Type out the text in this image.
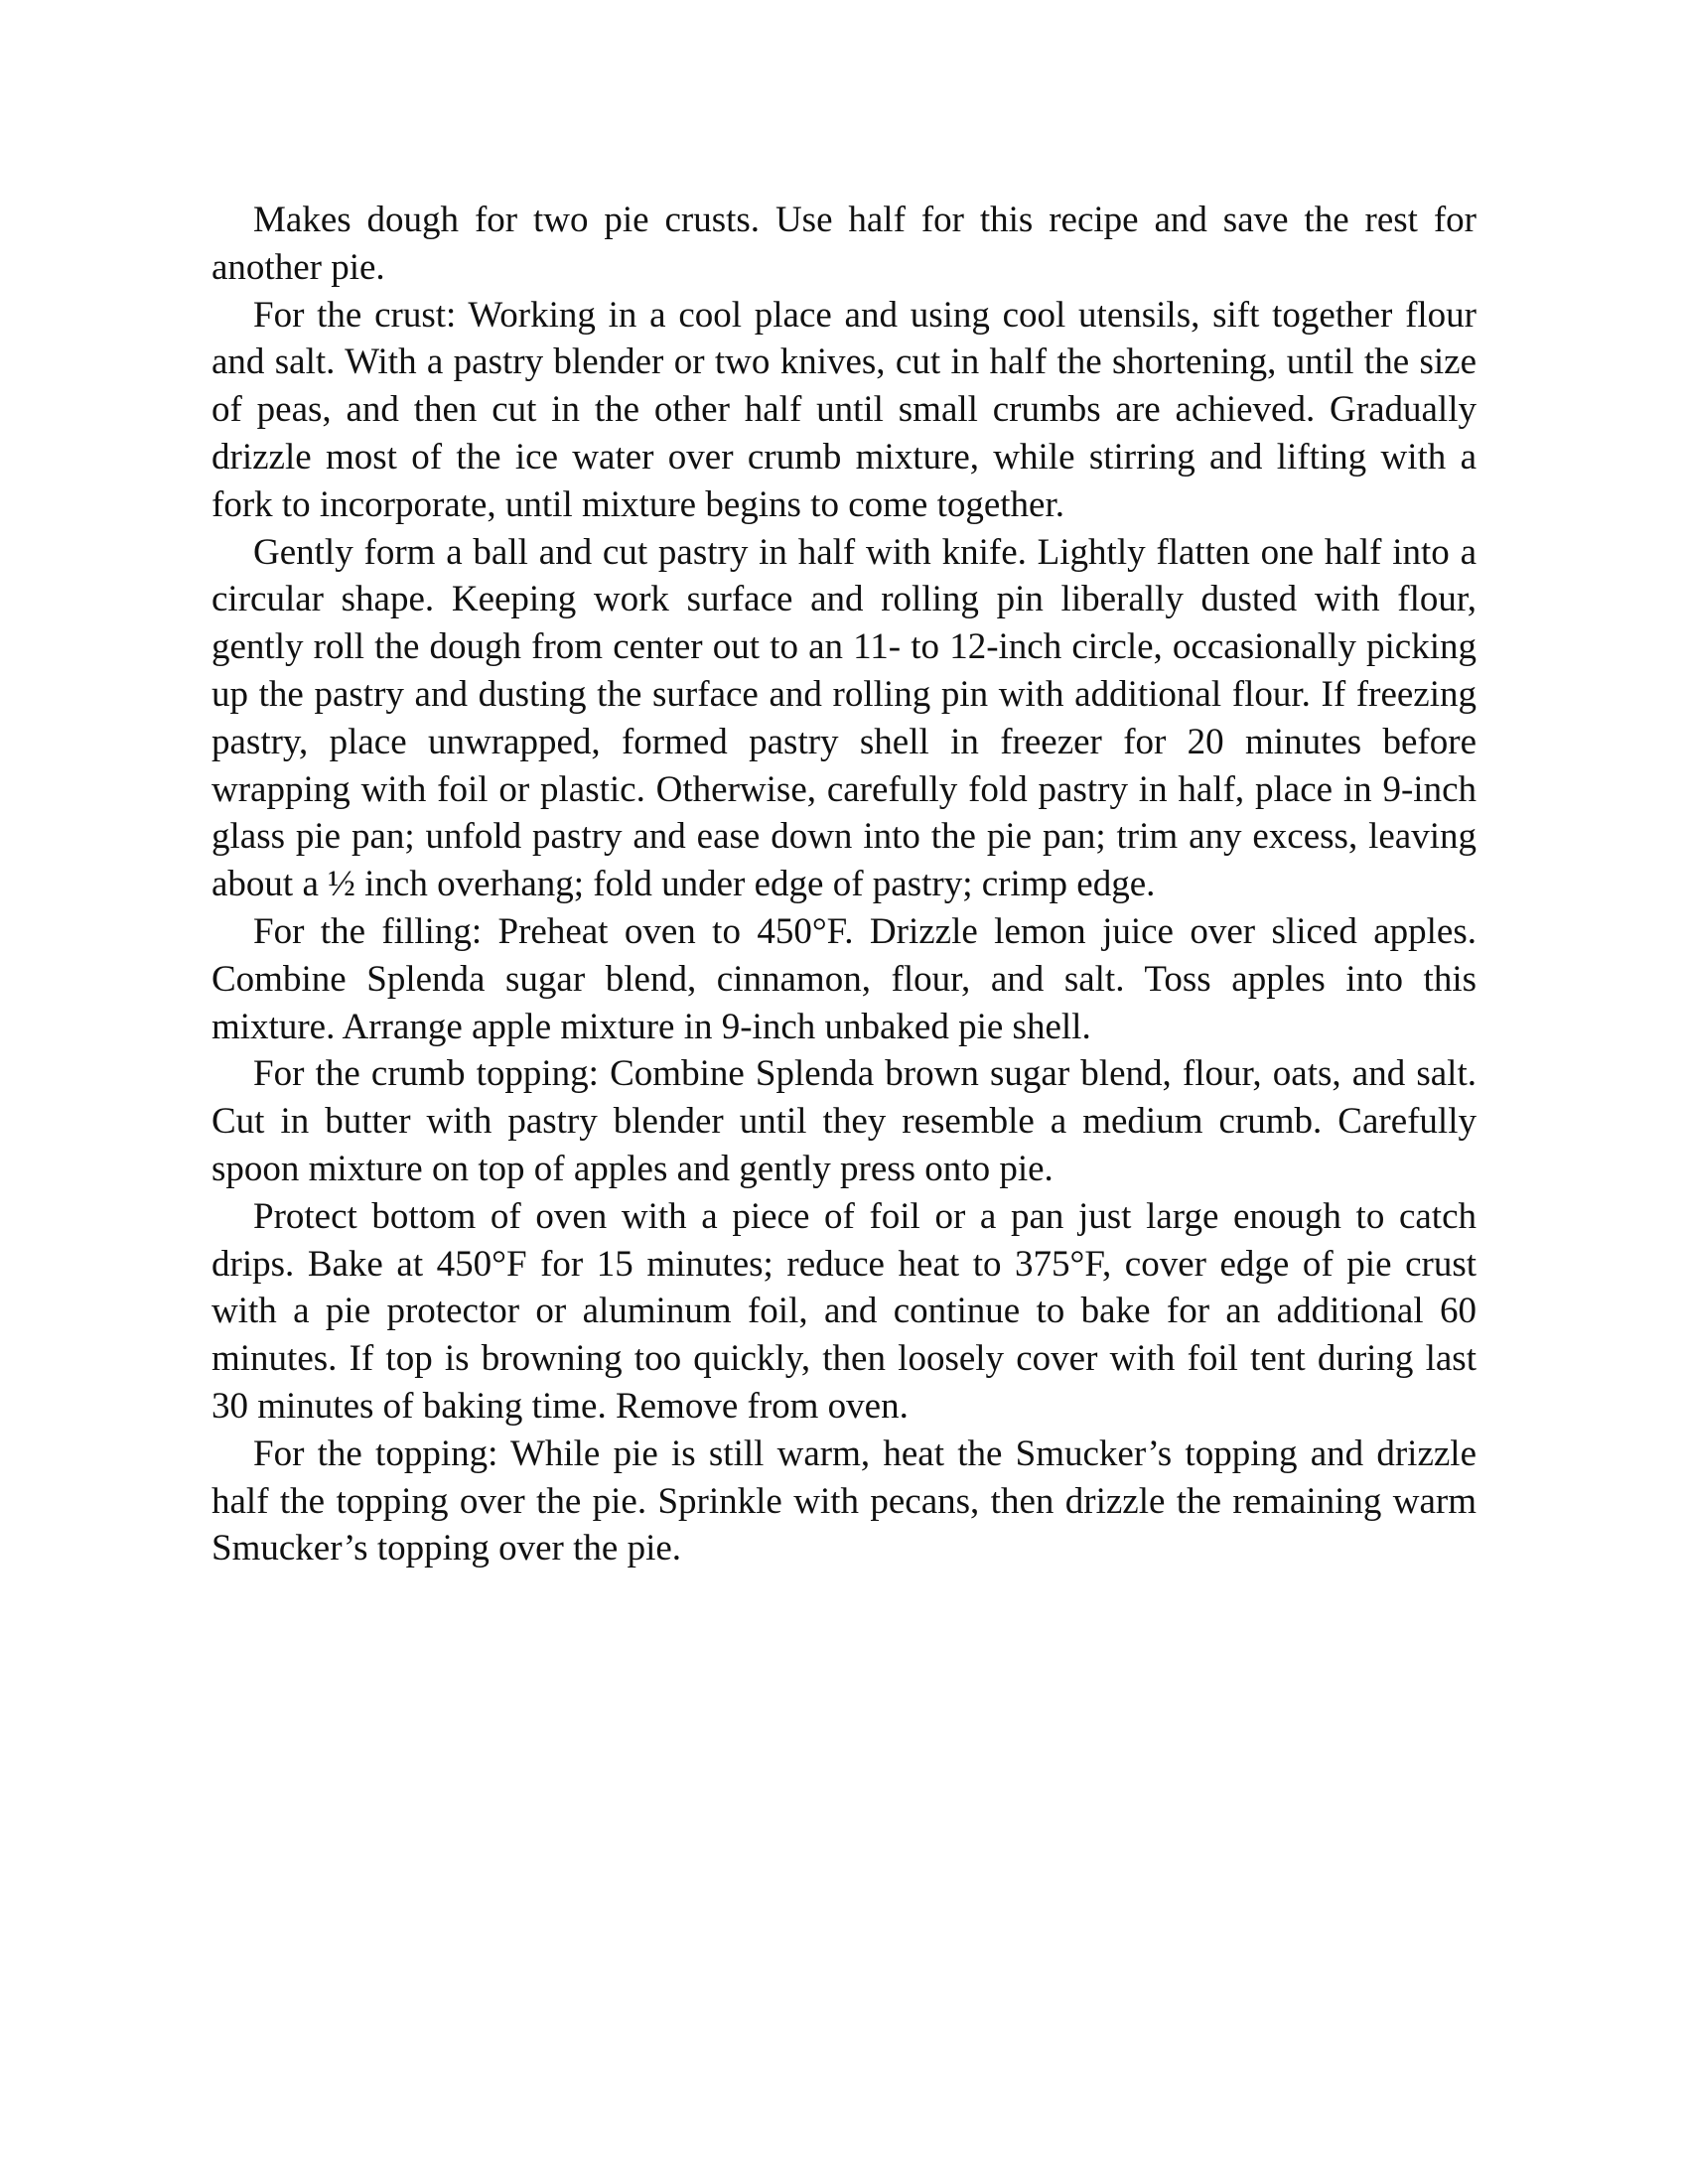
Makes dough for two pie crusts. Use half for this recipe and save the rest for another pie.

For the crust: Working in a cool place and using cool utensils, sift together flour and salt. With a pastry blender or two knives, cut in half the shortening, until the size of peas, and then cut in the other half until small crumbs are achieved. Gradually drizzle most of the ice water over crumb mixture, while stirring and lifting with a fork to incorporate, until mixture begins to come together.

Gently form a ball and cut pastry in half with knife. Lightly flatten one half into a circular shape. Keeping work surface and rolling pin liberally dusted with flour, gently roll the dough from center out to an 11- to 12-inch circle, occasionally picking up the pastry and dusting the surface and rolling pin with additional flour. If freezing pastry, place unwrapped, formed pastry shell in freezer for 20 minutes before wrapping with foil or plastic. Otherwise, carefully fold pastry in half, place in 9-inch glass pie pan; unfold pastry and ease down into the pie pan; trim any excess, leaving about a ½ inch overhang; fold under edge of pastry; crimp edge.

For the filling: Preheat oven to 450°F. Drizzle lemon juice over sliced apples. Combine Splenda sugar blend, cinnamon, flour, and salt. Toss apples into this mixture. Arrange apple mixture in 9-inch unbaked pie shell.

For the crumb topping: Combine Splenda brown sugar blend, flour, oats, and salt. Cut in butter with pastry blender until they resemble a medium crumb. Carefully spoon mixture on top of apples and gently press onto pie.

Protect bottom of oven with a piece of foil or a pan just large enough to catch drips. Bake at 450°F for 15 minutes; reduce heat to 375°F, cover edge of pie crust with a pie protector or aluminum foil, and continue to bake for an additional 60 minutes. If top is browning too quickly, then loosely cover with foil tent during last 30 minutes of baking time. Remove from oven.

For the topping: While pie is still warm, heat the Smucker’s topping and drizzle half the topping over the pie. Sprinkle with pecans, then drizzle the remaining warm Smucker’s topping over the pie.
